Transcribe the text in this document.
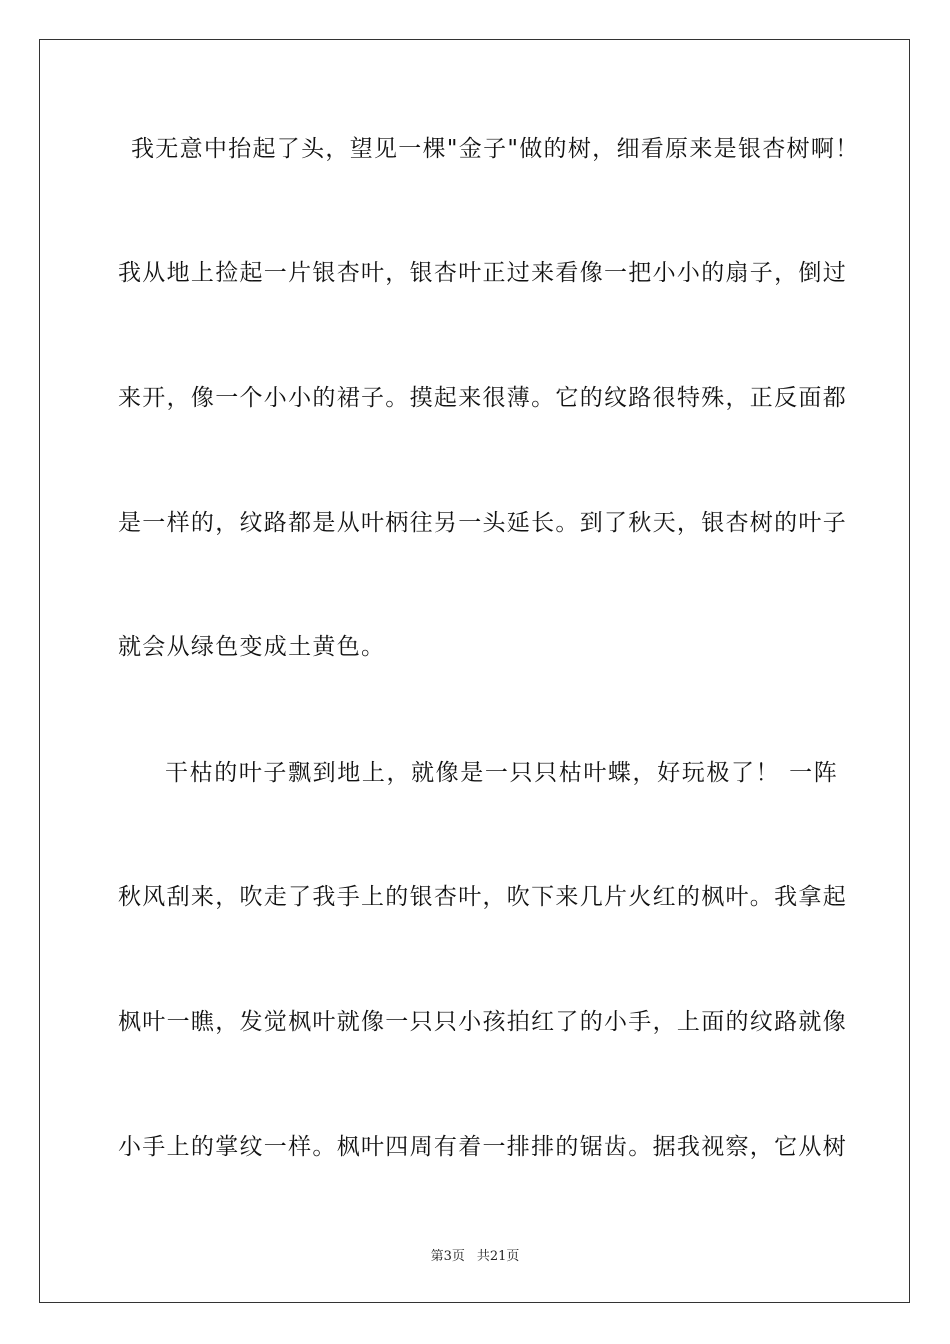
我无意中抬起了头，望见一棵"金子"做的树，细看原来是银杏树啊！
我从地上捡起一片银杏叶，银杏叶正过来看像一把小小的扇子，倒过
来开，像一个小小的裙子。摸起来很薄。它的纹路很特殊，正反面都
是一样的，纹路都是从叶柄往另一头延长。到了秋天，银杏树的叶子
就会从绿色变成土黄色。
干枯的叶子飘到地上，就像是一只只枯叶蝶，好玩极了！ 一阵
秋风刮来，吹走了我手上的银杏叶，吹下来几片火红的枫叶。我拿起
枫叶一瞧，发觉枫叶就像一只只小孩拍红了的小手，上面的纹路就像
小手上的掌纹一样。枫叶四周有着一排排的锯齿。据我视察，它从树
第3页 共21页
